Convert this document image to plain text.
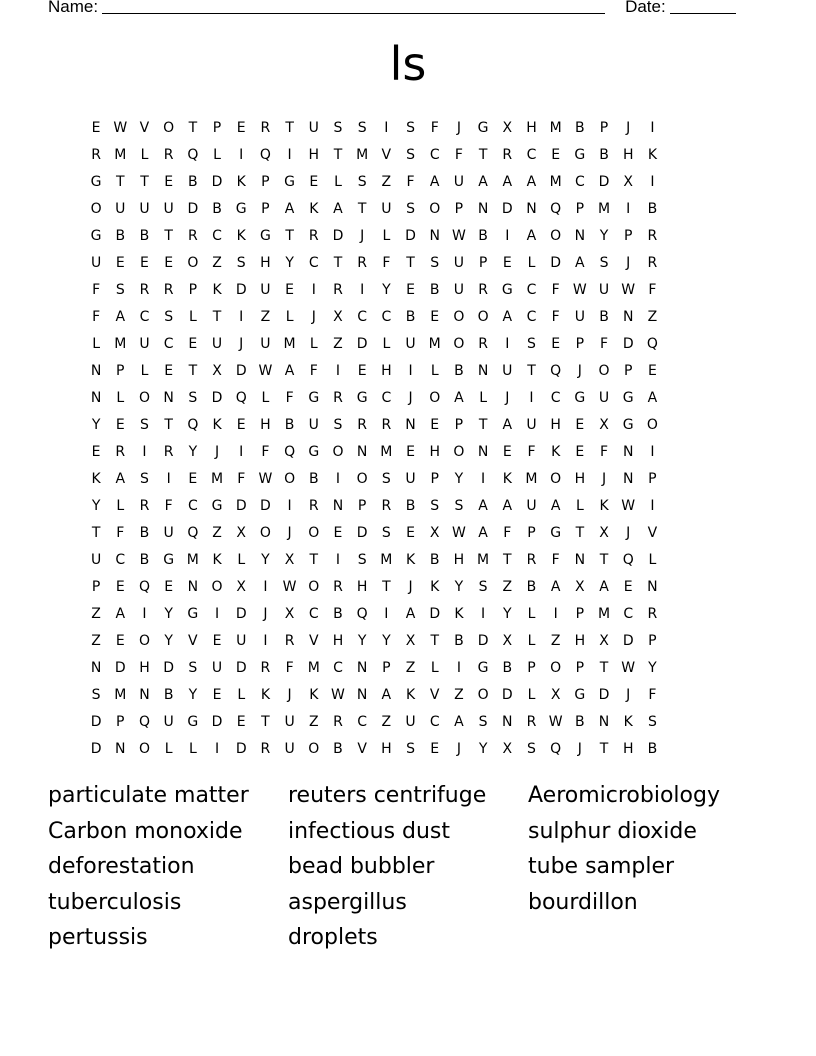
Name:	Date:
ls
E W V O	T	P	E	R	T	U	S	S	I	S	F	J	G X	H M B	P	J	I
R M	L	R Q	L	I	Q	I	H	T M V	S	C	F	T	R	C	E	G B	H	K
G	T	T	E	B	D	K	P	G	E	L	S	Z	F	A	U	A	A	A M C D	X	I
O U U U D B G	P	A	K	A	T	U	S	O	P	N D N Q	P M	I	B
G B	B	T	R	C	K	G	T	R D	J	L	D N W B	I	A O N	Y	P	R
U	E	E	E	O Z	S	H	Y	C	T	R	F	T	S	U	P	E	L	D	A	S	J	R
F	S	R	R	P	K	D U	E	I	R	I	Y	E	B	U	R G C	F W U W F
F	A	C	S	L	T	I	Z	L	J	X	C	C	B	E	O O A	C	F	U	B	N	Z
L	M U	C	E	U	J	U M	L	Z	D	L	U M O R	I	S	E	P	F	D Q
N	P	L	E	T	X	D W A	F	I	E	H	I	L	B	N U	T	Q	J	O	P	E
N	L	O N	S	D Q	L	F	G R G C	J	O A	L	J	I	C G U G A
Y	E	S	T	Q	K	E	H	B	U	S	R	R	N	E	P	T	A	U H	E	X G O
E	R	I	R	Y	J	I	F	Q G O N M E	H O N	E	F	K	E	F	N	I
K	A	S	I	E M	F W O B	I	O	S	U	P	Y	I	K M O H	J	N	P
Y	L	R	F	C G D D	I	R	N	P	R	B	S	S	A	A	U	A	L	K W	I
T	F	B	U Q Z	X O	J	O	E	D	S	E	X W A	F	P	G	T	X	J	V
U	C	B G M K	L	Y	X	T	I	S M K	B	H M T	R	F	N	T	Q	L
P	E	Q	E	N O X	I	W O R	H	T	J	K	Y	S	Z	B	A	X	A	E	N
Z	A	I	Y	G	I	D	J	X	C	B Q	I	A	D	K	I	Y	L	I	P M C	R
Z	E	O	Y	V	E	U	I	R	V	H	Y	Y	X	T	B	D	X	L	Z	H	X	D	P
N D H D	S	U D R	F	M C	N	P	Z	L	I	G B	P	O	P	T W Y
S M N	B	Y	E	L	K	J	K W N	A	K	V	Z O D	L	X G D	J	F
D	P	Q U G D	E	T	U	Z	R	C	Z	U	C	A	S	N	R W B	N	K	S
D N O	L	L	I	D R	U O B	V	H	S	E	J	Y	X	S	Q	J	T	H	B
particulate matter	reuters centrifuge	Aeromicrobiology
Carbon monoxide	infectious dust	sulphur dioxide
deforestation	bead bubbler	tube sampler
tuberculosis	aspergillus	bourdillon
pertussis	droplets
